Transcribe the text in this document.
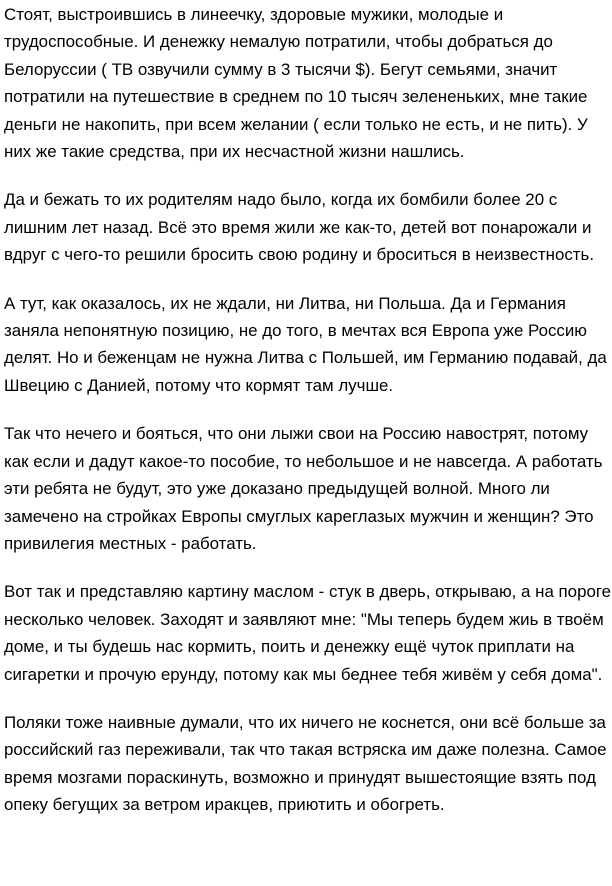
Стоят, выстроившись в линеечку, здоровые мужики, молодые и трудоспособные. И денежку немалую потратили, чтобы добраться до Белоруссии ( ТВ озвучили сумму в 3 тысячи $). Бегут семьями, значит потратили на путешествие в среднем по 10 тысяч зелененьких, мне такие деньги не накопить, при всем желании ( если только не есть, и не пить). У них же такие средства, при их несчастной жизни нашлись.

Да и бежать то их родителям надо было, когда их бомбили более 20 с лишним лет назад. Всё это время жили же как-то, детей вот понарожали и вдруг с чего-то решили бросить свою родину и броситься в неизвестность.

А тут, как оказалось, их не ждали, ни Литва, ни Польша. Да и Германия заняла непонятную позицию, не до того, в мечтах вся Европа уже Россию делят. Но и беженцам не нужна Литва с Польшей, им Германию подавай, да Швецию с Данией, потому что кормят там лучше.

Так что нечего и бояться, что они лыжи свои на Россию навострят, потому как если и дадут какое-то пособие, то небольшое и не навсегда. А работать эти ребята не будут, это уже доказано предыдущей волной. Много ли замечено на стройках Европы смуглых кареглазых мужчин и женщин? Это привилегия местных - работать.

Вот так и представляю картину маслом - стук в дверь, открываю, а на пороге несколько человек. Заходят и заявляют мне: "Мы теперь будем жиь в твоём доме, и ты будешь нас кормить, поить и денежку ещё чуток приплати на сигаретки и прочую ерунду, потому как мы беднее тебя живём у себя дома".

Поляки тоже наивные думали, что их ничего не коснется, они всё больше за российский газ переживали, так что такая встряска им даже полезна. Самое время мозгами пораскинуть, возможно и принудят вышестоящие взять под опеку бегущих за ветром иракцев, приютить и обогреть.
